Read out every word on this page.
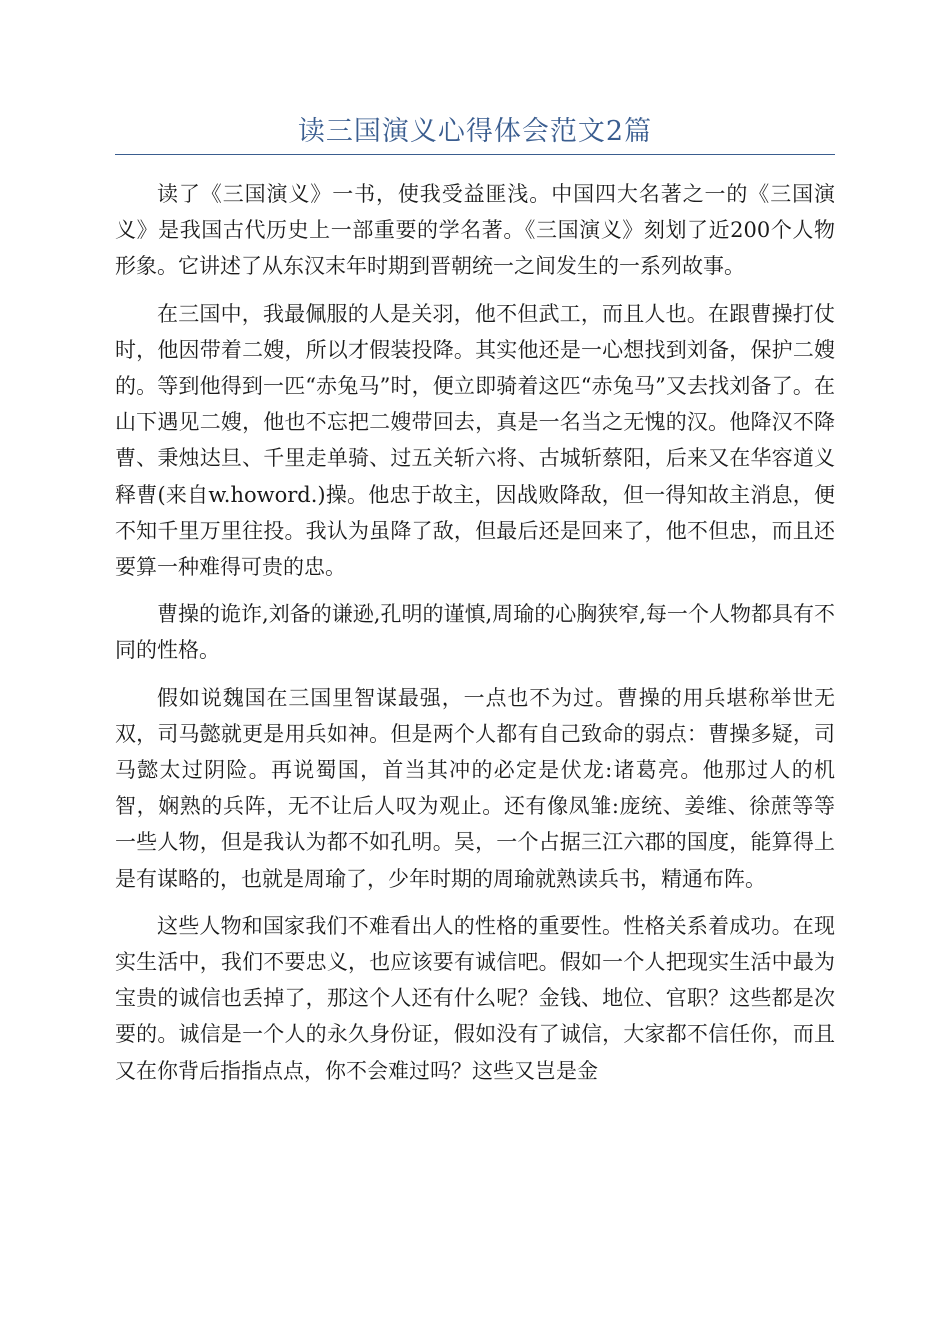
读三国演义心得体会范文2篇

读了《三国演义》一书，使我受益匪浅。中国四大名著之一的《三国演义》是我国古代历史上一部重要的学名著。《三国演义》刻划了近200个人物形象。它讲述了从东汉末年时期到晋朝统一之间发生的一系列故事。

在三国中，我最佩服的人是关羽，他不但武工，而且人也。在跟曹操打仗时，他因带着二嫂，所以才假装投降。其实他还是一心想找到刘备，保护二嫂的。等到他得到一匹“赤兔马”时，便立即骑着这匹“赤兔马”又去找刘备了。在山下遇见二嫂，他也不忘把二嫂带回去，真是一名当之无愧的汉。他降汉不降曹、秉烛达旦、千里走单骑、过五关斩六将、古城斩蔡阳，后来又在华容道义释曹(来自w.howord.)操。他忠于故主，因战败降敌，但一得知故主消息，便不知千里万里往投。我认为虽降了敌，但最后还是回来了，他不但忠，而且还要算一种难得可贵的忠。

曹操的诡诈,刘备的谦逊,孔明的谨慎,周瑜的心胸狭窄,每一个人物都具有不同的性格。

假如说魏国在三国里智谋最强，一点也不为过。曹操的用兵堪称举世无双，司马懿就更是用兵如神。但是两个人都有自己致命的弱点：曹操多疑，司马懿太过阴险。再说蜀国，首当其冲的必定是伏龙:诸葛亮。他那过人的机智，娴熟的兵阵，无不让后人叹为观止。还有像凤雏:庞统、姜维、徐蔗等等一些人物，但是我认为都不如孔明。吴，一个占据三江六郡的国度，能算得上是有谋略的，也就是周瑜了，少年时期的周瑜就熟读兵书，精通布阵。

这些人物和国家我们不难看出人的性格的重要性。性格关系着成功。在现实生活中，我们不要忠义，也应该要有诚信吧。假如一个人把现实生活中最为宝贵的诚信也丢掉了，那这个人还有什么呢？金钱、地位、官职？这些都是次要的。诚信是一个人的永久身份证，假如没有了诚信，大家都不信任你，而且又在你背后指指点点，你不会难过吗？这些又岂是金
